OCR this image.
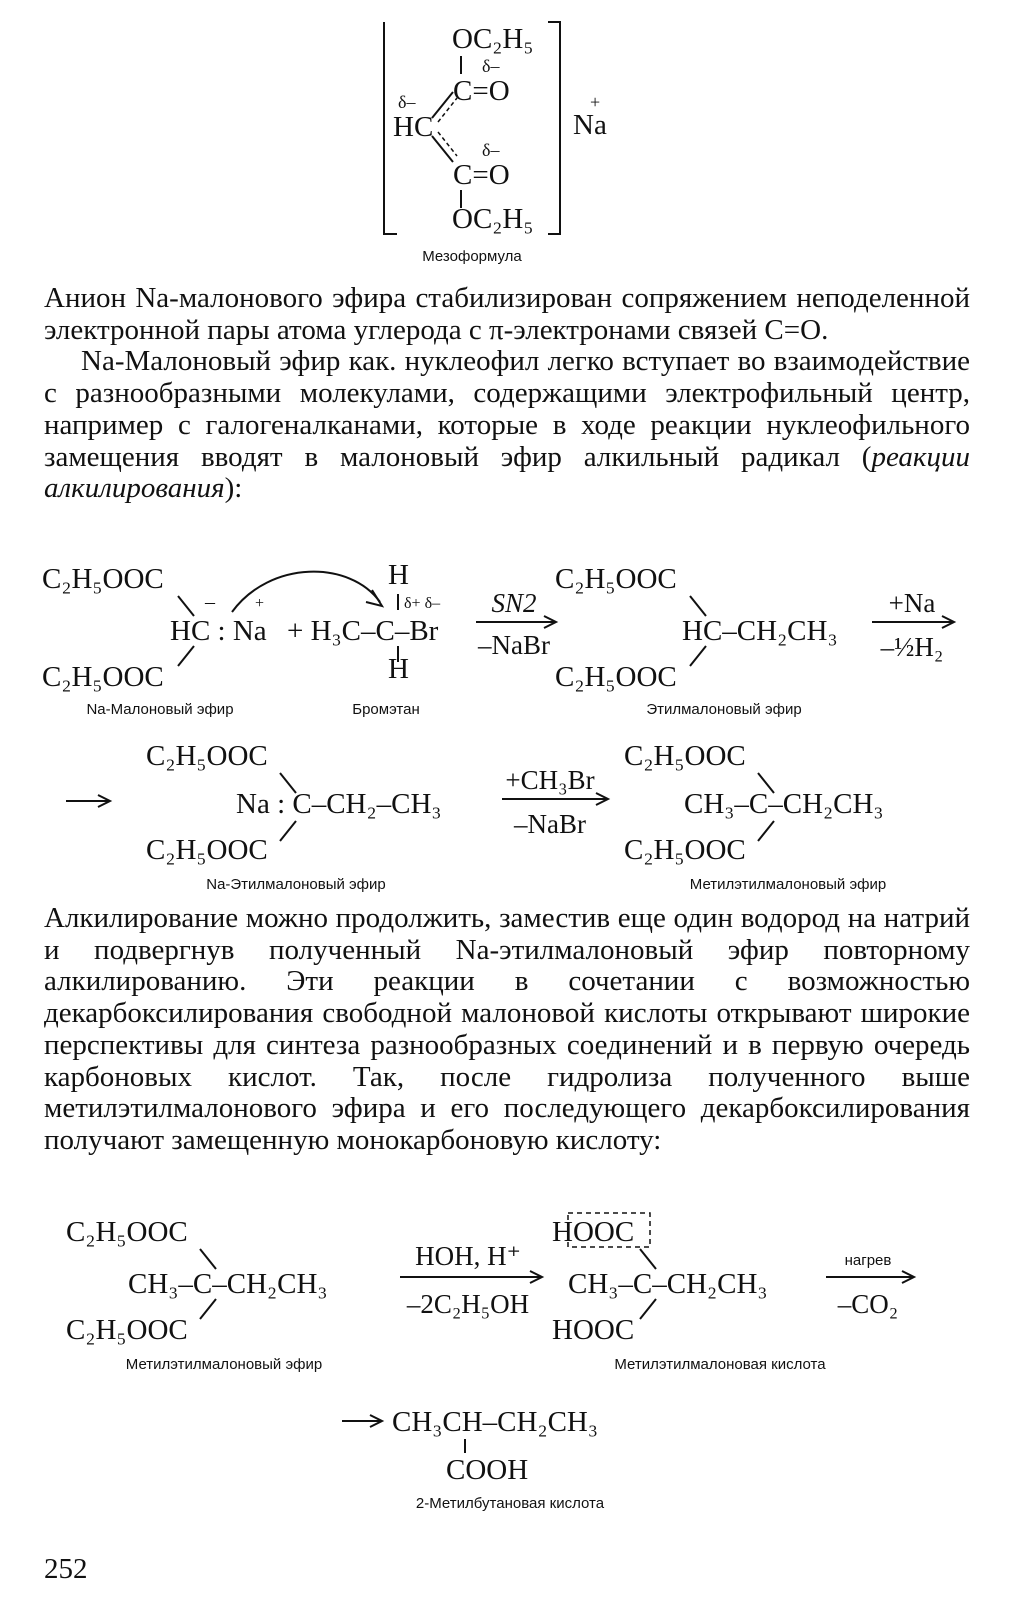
OC₂H₅
δ–
C=O
δ–
HC
δ–
C=O
OC₂H₅
+
Na
Мезоформула

Анион Na-малонового эфира стабилизирован сопряжением неподеленной электронной пары атома углерода с π-электронами связей C=O.

Na-Малоновый эфир как. нуклеофил легко вступает во взаимодействие с разнообразными молекулами, содержащими электрофильный центр, например с галогеналканами, которые в ходе реакции нуклеофильного замещения вводят в малоновый эфир алкильный радикал (реакции алкилирования):

C₂H₅OOC
–
HC : Na
+
C₂H₅OOC
H
δ+ δ–
+ H₃C–C–Br
H
SN2
–NaBr
C₂H₅OOC
HC–CH₂CH₃
C₂H₅OOC
+Na
–½H₂
Na-Малоновый эфир	Бромэтан	Этилмалоновый эфир
C₂H₅OOC
Na : C–CH₂–CH₃
C₂H₅OOC
+CH₃Br
–NaBr
C₂H₅OOC
CH₃–C–CH₂CH₃
C₂H₅OOC
Na-Этилмалоновый эфир	Метилэтилмалоновый эфир

Алкилирование можно продолжить, заместив еще один водород на натрий и подвергнув полученный Na-этилмалоновый эфир повторному алкилированию. Эти реакции в сочетании с возможностью декарбоксилирования свободной малоновой кислоты открывают широкие перспективы для синтеза разнообразных соединений и в первую очередь карбоновых кислот. Так, после гидролиза полученного выше метилэтилмалонового эфира и его последующего декарбоксилирования получают замещенную монокарбоновую кислоту:

C₂H₅OOC
CH₃–C–CH₂CH₃
C₂H₅OOC
HOH, H⁺
–2C₂H₅OH
HOOC
CH₃–C–CH₂CH₃
HOOC
нагрев
–CO₂
Метилэтилмалоновый эфир	Метилэтилмалоновая кислота
CH₃CH–CH₂CH₃
COOH
2-Метилбутановая кислота
252
